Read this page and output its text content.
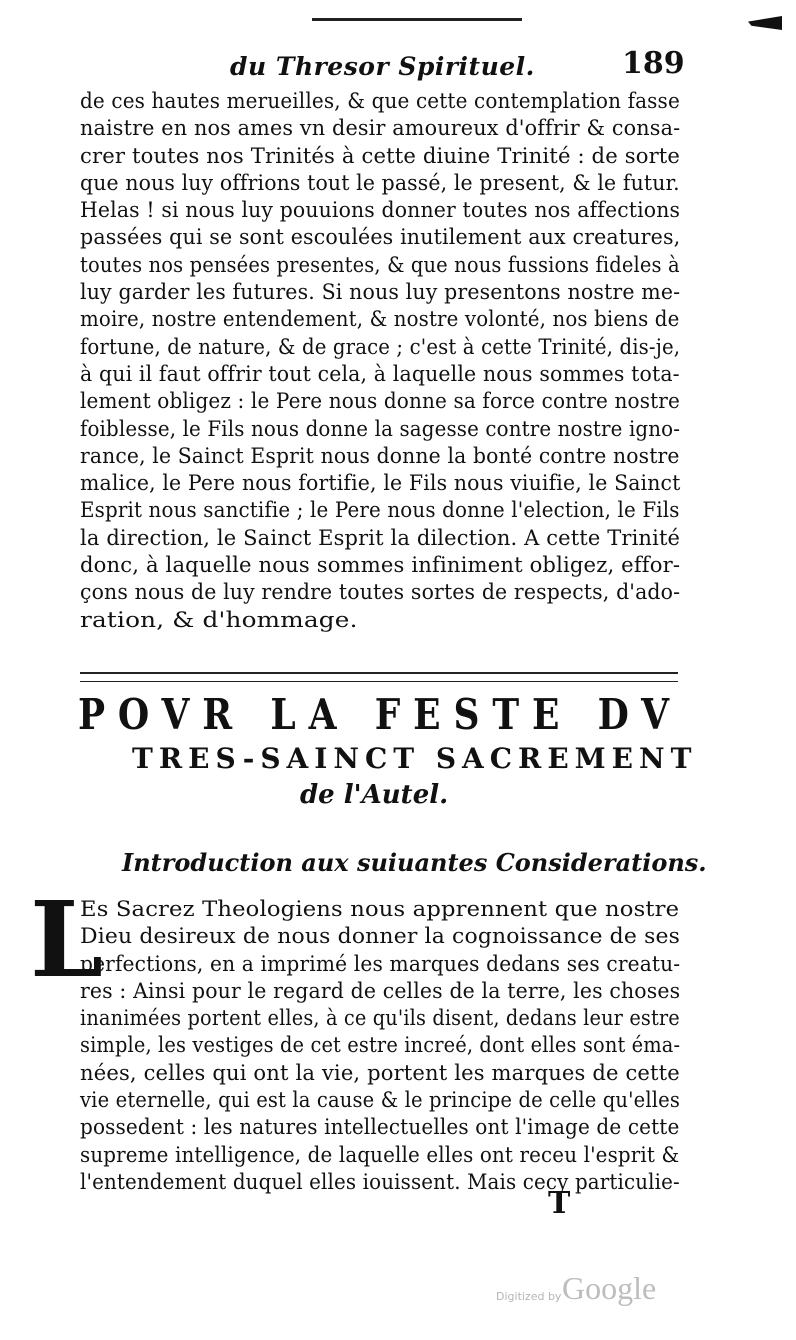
du Thresor Spirituel.	189
de ces hautes merueilles, & que cette contemplation fasse
naistre en nos ames vn desir amoureux d'offrir & consa-
crer toutes nos Trinités à cette diuine Trinité : de sorte
que nous luy offrions tout le passé, le present, & le futur.
Helas ! si nous luy pouuions donner toutes nos affections
passées qui se sont escoulées inutilement aux creatures,
toutes nos pensées presentes, & que nous fussions fideles à
luy garder les futures. Si nous luy presentons nostre me-
moire, nostre entendement, & nostre volonté, nos biens de
fortune, de nature, & de grace ; c'est à cette Trinité, dis-je,
à qui il faut offrir tout cela, à laquelle nous sommes tota-
lement obligez : le Pere nous donne sa force contre nostre
foiblesse, le Fils nous donne la sagesse contre nostre igno-
rance, le Sainct Esprit nous donne la bonté contre nostre
malice, le Pere nous fortifie, le Fils nous viuifie, le Sainct
Esprit nous sanctifie ; le Pere nous donne l'election, le Fils
la direction, le Sainct Esprit la dilection. A cette Trinité
donc, à laquelle nous sommes infiniment obligez, effor-
çons nous de luy rendre toutes sortes de respects, d'ado-
ration, & d'hommage.
POVR LA FESTE DV
TRES-SAINCT SACREMENT
de l'Autel.
Introduction aux suiuantes Considerations.
L
Es Sacrez Theologiens nous apprennent que nostre
Dieu desireux de nous donner la cognoissance de ses
perfections, en a imprimé les marques dedans ses creatu-
res : Ainsi pour le regard de celles de la terre, les choses
inanimées portent elles, à ce qu'ils disent, dedans leur estre
simple, les vestiges de cet estre increé, dont elles sont éma-
nées, celles qui ont la vie, portent les marques de cette
vie eternelle, qui est la cause & le principe de celle qu'elles
possedent : les natures intellectuelles ont l'image de cette
supreme intelligence, de laquelle elles ont receu l'esprit &
l'entendement duquel elles iouissent. Mais cecy particulie-
T
Digitized by Google
